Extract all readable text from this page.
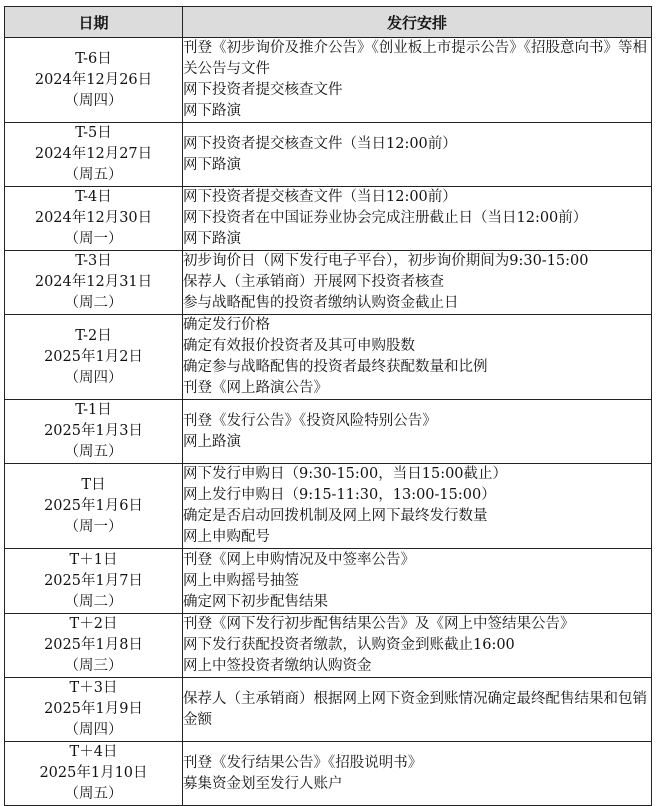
日期	发行安排

T-6日
2024年12月26日
（周四）	刊登《初步询价及推介公告》《创业板上市提示公告》《招股意向书》等相关公告与文件
网下投资者提交核查文件
网下路演

T-5日
2024年12月27日
（周五）	网下投资者提交核查文件（当日12:00前）
网下路演

T-4日
2024年12月30日
（周一）	网下投资者提交核查文件（当日12:00前）
网下投资者在中国证券业协会完成注册截止日（当日12:00前）
网下路演

T-3日
2024年12月31日
（周二）	初步询价日（网下发行电子平台），初步询价期间为9:30-15:00
保荐人（主承销商）开展网下投资者核查
参与战略配售的投资者缴纳认购资金截止日

T-2日
2025年1月2日
（周四）	确定发行价格
确定有效报价投资者及其可申购股数
确定参与战略配售的投资者最终获配数量和比例
刊登《网上路演公告》

T-1日
2025年1月3日
（周五）	刊登《发行公告》《投资风险特别公告》
网上路演

T日
2025年1月6日
（周一）	网下发行申购日（9:30-15:00，当日15:00截止）
网上发行申购日（9:15-11:30，13:00-15:00）
确定是否启动回拨机制及网上网下最终发行数量
网上申购配号

T＋1日
2025年1月7日
（周二）	刊登《网上申购情况及中签率公告》
网上申购摇号抽签
确定网下初步配售结果

T＋2日
2025年1月8日
（周三）	刊登《网下发行初步配售结果公告》及《网上中签结果公告》
网下发行获配投资者缴款，认购资金到账截止16:00
网上中签投资者缴纳认购资金

T＋3日
2025年1月9日
（周四）	保荐人（主承销商）根据网上网下资金到账情况确定最终配售结果和包销金额

T＋4日
2025年1月10日
（周五）	刊登《发行结果公告》《招股说明书》
募集资金划至发行人账户
